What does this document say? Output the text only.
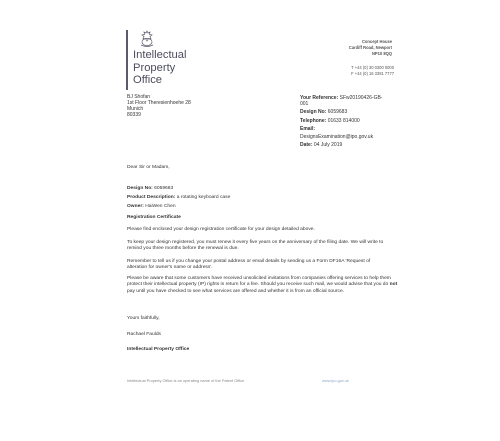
Intellectual
Property
Office
Concept House
Cardiff Road, Newport
NP10 8QQ
T +44 (0) 30 0300 0000
F +44 (0) 16 3381 7777
BJ Shofan
1st Floor Theresienhoehe 28
Munich
80339
Your Reference: SFw20190426-GB-
001
Design No: 6059683
Telephone: 01633 814000
Email:
DesignsExamination@ipo.gov.uk
Date: 04 July 2019
Dear Sir or Madam,
Design No: 6059683
Product Description: a rotating keyboard case
Owner: HaiWen Chen
Registration Certificate
Please find enclosed your design registration certificate for your design detailed above.
To keep your design registered, you must renew it every five years on the anniversary of the filing date. We will write to remind you three months before the renewal is due.
Remember to tell us if you change your postal address or email details by sending us a Form DF16A 'Request of
alteration for owner's name or address'.
Please be aware that some customers have received unsolicited invitations from companies offering services to help them protect their intellectual property (IP) rights in return for a fee. Should you receive such mail, we would advise that you do not pay until you have checked to see what services are offered and whether it is from an official source.
Yours faithfully,
Rachael Faulds
Intellectual Property Office
Intellectual Property Office is an operating name of the Patent Office	www.ipo.gov.uk
